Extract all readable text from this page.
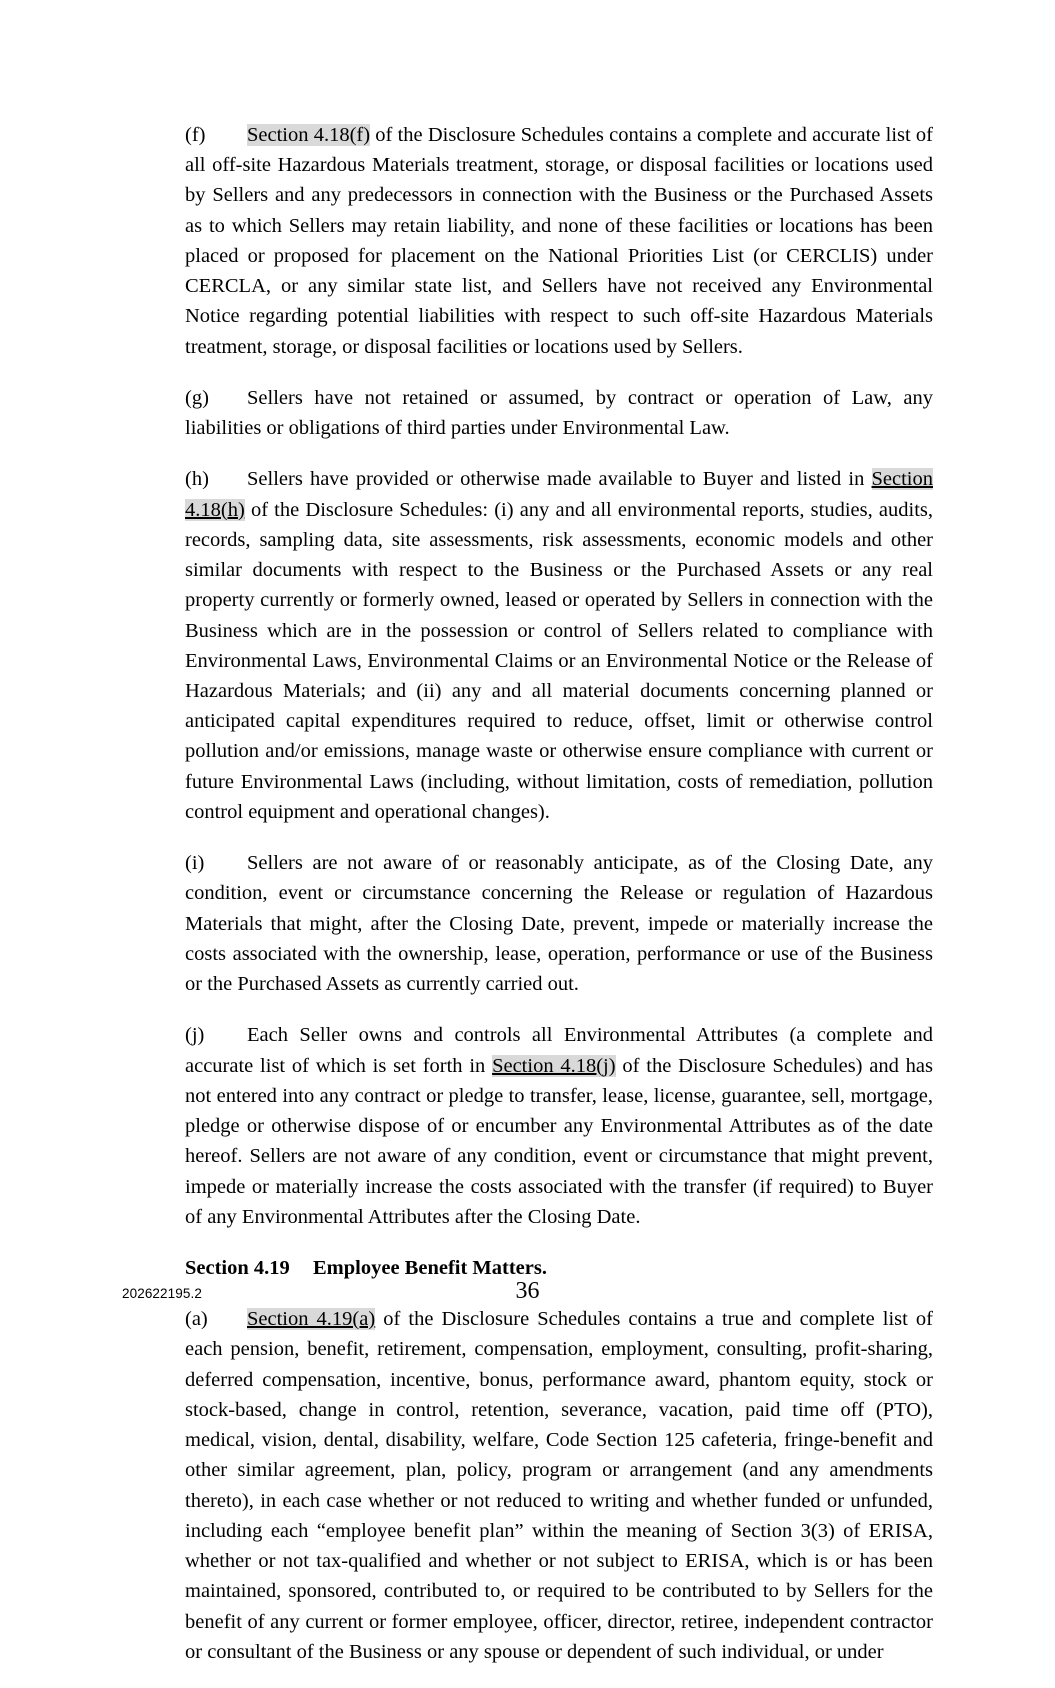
(f) Section 4.18(f) of the Disclosure Schedules contains a complete and accurate list of all off-site Hazardous Materials treatment, storage, or disposal facilities or locations used by Sellers and any predecessors in connection with the Business or the Purchased Assets as to which Sellers may retain liability, and none of these facilities or locations has been placed or proposed for placement on the National Priorities List (or CERCLIS) under CERCLA, or any similar state list, and Sellers have not received any Environmental Notice regarding potential liabilities with respect to such off-site Hazardous Materials treatment, storage, or disposal facilities or locations used by Sellers.

(g) Sellers have not retained or assumed, by contract or operation of Law, any liabilities or obligations of third parties under Environmental Law.

(h) Sellers have provided or otherwise made available to Buyer and listed in Section 4.18(h) of the Disclosure Schedules: (i) any and all environmental reports, studies, audits, records, sampling data, site assessments, risk assessments, economic models and other similar documents with respect to the Business or the Purchased Assets or any real property currently or formerly owned, leased or operated by Sellers in connection with the Business which are in the possession or control of Sellers related to compliance with Environmental Laws, Environmental Claims or an Environmental Notice or the Release of Hazardous Materials; and (ii) any and all material documents concerning planned or anticipated capital expenditures required to reduce, offset, limit or otherwise control pollution and/or emissions, manage waste or otherwise ensure compliance with current or future Environmental Laws (including, without limitation, costs of remediation, pollution control equipment and operational changes).

(i) Sellers are not aware of or reasonably anticipate, as of the Closing Date, any condition, event or circumstance concerning the Release or regulation of Hazardous Materials that might, after the Closing Date, prevent, impede or materially increase the costs associated with the ownership, lease, operation, performance or use of the Business or the Purchased Assets as currently carried out.

(j) Each Seller owns and controls all Environmental Attributes (a complete and accurate list of which is set forth in Section 4.18(j) of the Disclosure Schedules) and has not entered into any contract or pledge to transfer, lease, license, guarantee, sell, mortgage, pledge or otherwise dispose of or encumber any Environmental Attributes as of the date hereof. Sellers are not aware of any condition, event or circumstance that might prevent, impede or materially increase the costs associated with the transfer (if required) to Buyer of any Environmental Attributes after the Closing Date.

Section 4.19 Employee Benefit Matters.

(a) Section 4.19(a) of the Disclosure Schedules contains a true and complete list of each pension, benefit, retirement, compensation, employment, consulting, profit-sharing, deferred compensation, incentive, bonus, performance award, phantom equity, stock or stock-based, change in control, retention, severance, vacation, paid time off (PTO), medical, vision, dental, disability, welfare, Code Section 125 cafeteria, fringe-benefit and other similar agreement, plan, policy, program or arrangement (and any amendments thereto), in each case whether or not reduced to writing and whether funded or unfunded, including each “employee benefit plan” within the meaning of Section 3(3) of ERISA, whether or not tax-qualified and whether or not subject to ERISA, which is or has been maintained, sponsored, contributed to, or required to be contributed to by Sellers for the benefit of any current or former employee, officer, director, retiree, independent contractor or consultant of the Business or any spouse or dependent of such individual, or under

202622195.2	36
